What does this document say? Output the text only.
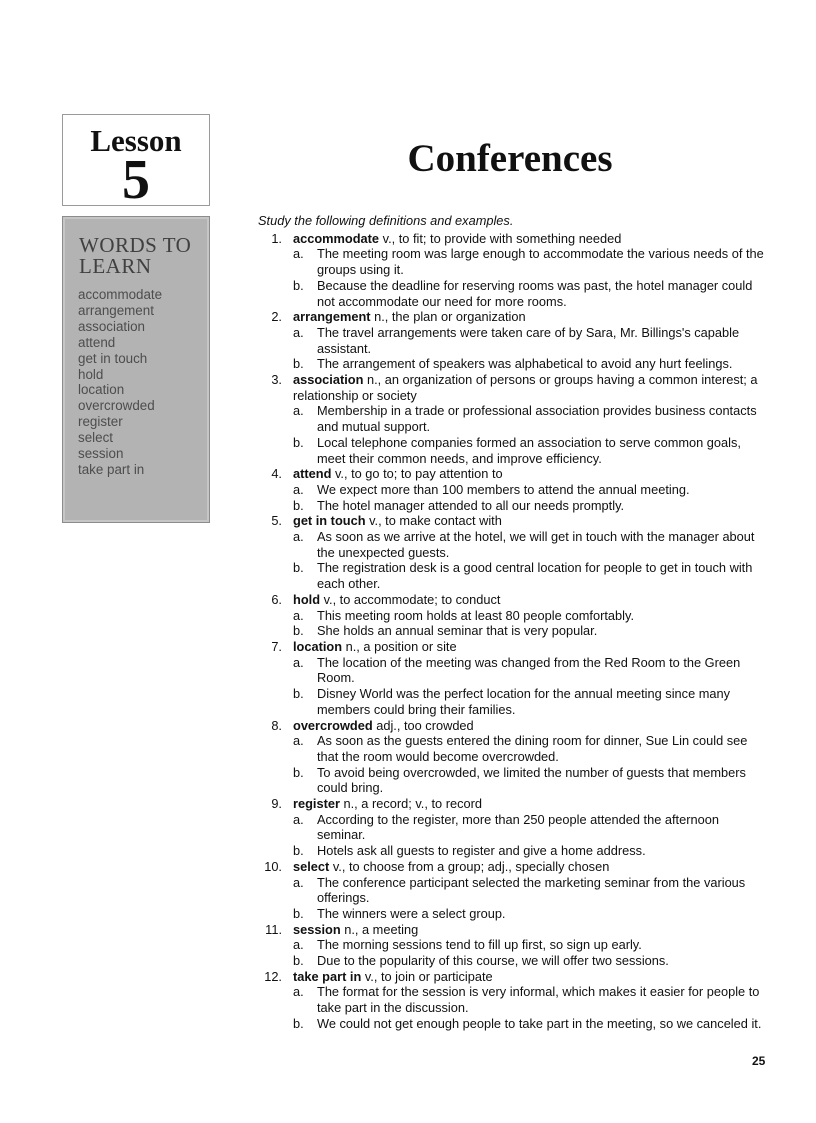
Lesson
5
WORDS TO
LEARN
accommodate
arrangement
association
attend
get in touch
hold
location
overcrowded
register
select
session
take part in
Conferences

Study the following definitions and examples.

1. accommodate v., to fit; to provide with something needed
a. The meeting room was large enough to accommodate the various needs of the groups using it.
b. Because the deadline for reserving rooms was past, the hotel manager could not accommodate our need for more rooms.
2. arrangement n., the plan or organization
a. The travel arrangements were taken care of by Sara, Mr. Billings's capable assistant.
b. The arrangement of speakers was alphabetical to avoid any hurt feelings.
3. association n., an organization of persons or groups having a common interest; a relationship or society
a. Membership in a trade or professional association provides business contacts and mutual support.
b. Local telephone companies formed an association to serve common goals, meet their common needs, and improve efficiency.
4. attend v., to go to; to pay attention to
a. We expect more than 100 members to attend the annual meeting.
b. The hotel manager attended to all our needs promptly.
5. get in touch v., to make contact with
a. As soon as we arrive at the hotel, we will get in touch with the manager about the unexpected guests.
b. The registration desk is a good central location for people to get in touch with each other.
6. hold v., to accommodate; to conduct
a. This meeting room holds at least 80 people comfortably.
b. She holds an annual seminar that is very popular.
7. location n., a position or site
a. The location of the meeting was changed from the Red Room to the Green Room.
b. Disney World was the perfect location for the annual meeting since many members could bring their families.
8. overcrowded adj., too crowded
a. As soon as the guests entered the dining room for dinner, Sue Lin could see that the room would become overcrowded.
b. To avoid being overcrowded, we limited the number of guests that members could bring.
9. register n., a record; v., to record
a. According to the register, more than 250 people attended the afternoon seminar.
b. Hotels ask all guests to register and give a home address.
10. select v., to choose from a group; adj., specially chosen
a. The conference participant selected the marketing seminar from the various offerings.
b. The winners were a select group.
11. session n., a meeting
a. The morning sessions tend to fill up first, so sign up early.
b. Due to the popularity of this course, we will offer two sessions.
12. take part in v., to join or participate
a. The format for the session is very informal, which makes it easier for people to take part in the discussion.
b. We could not get enough people to take part in the meeting, so we canceled it.
25
